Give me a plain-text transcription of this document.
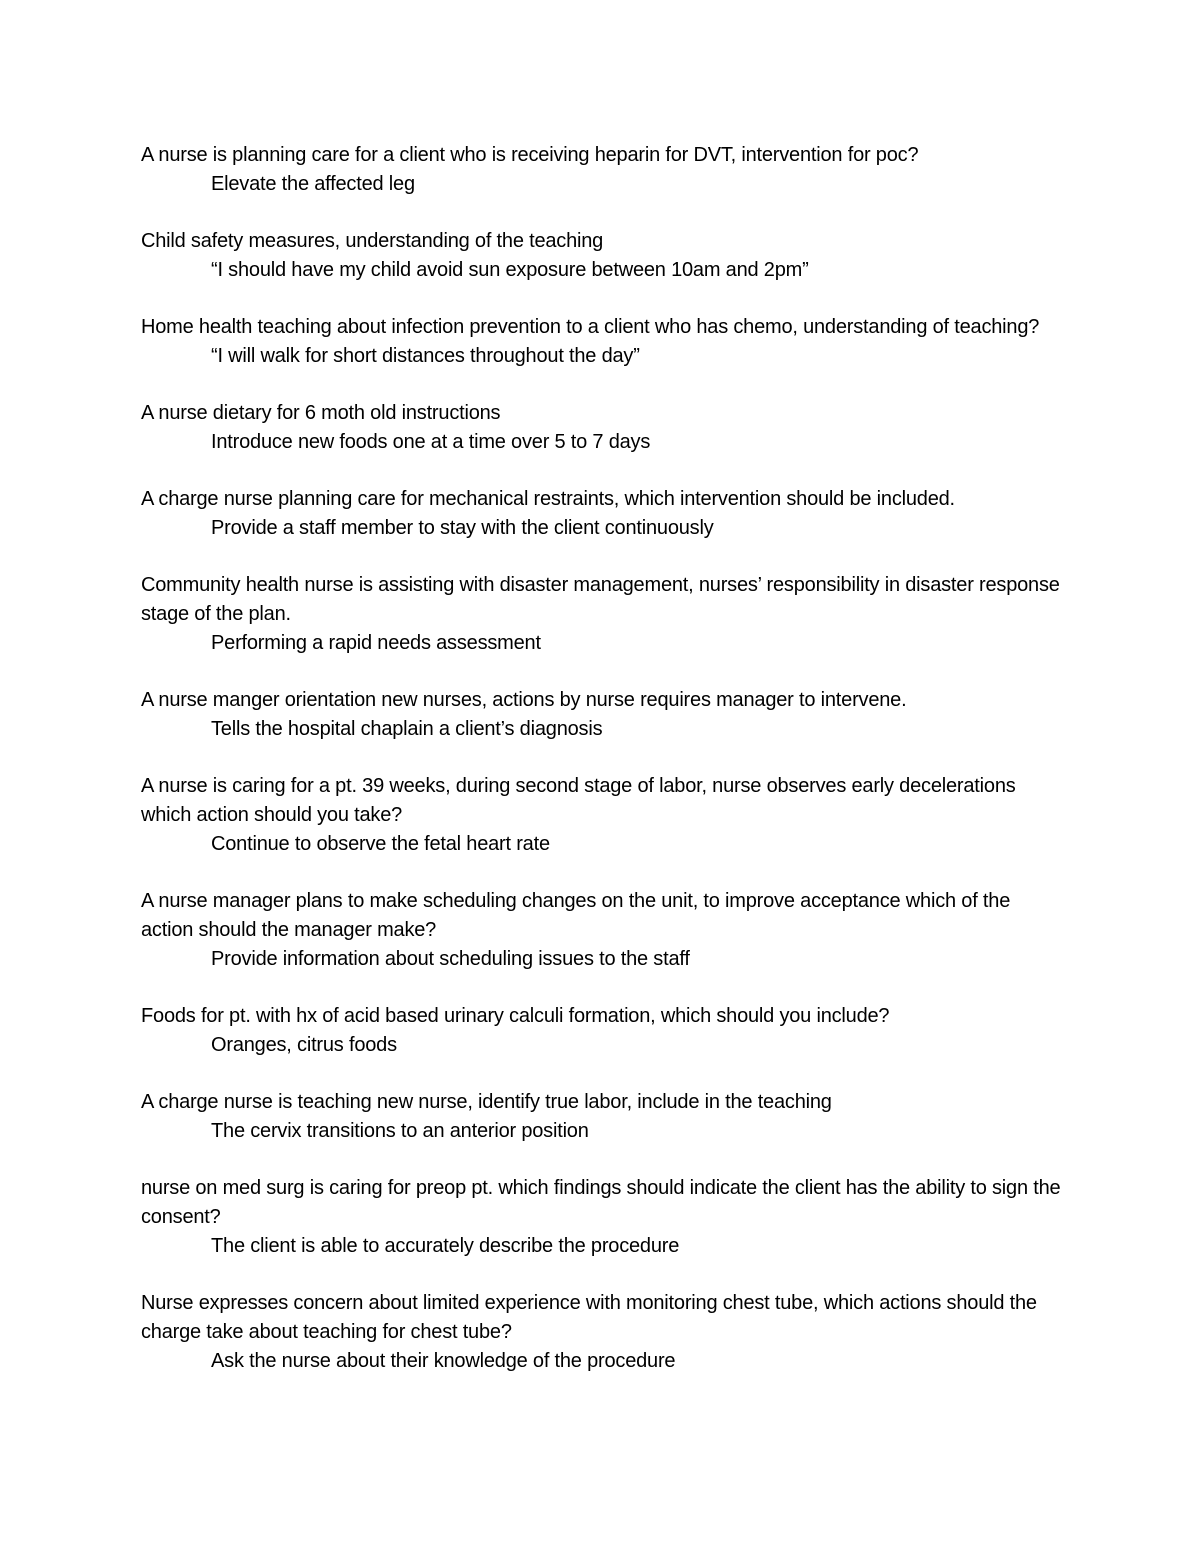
A nurse is planning care for a client who is receiving heparin for DVT, intervention for poc?
Elevate the affected leg
Child safety measures, understanding of the teaching
“I should have my child avoid sun exposure between 10am and 2pm”
Home health teaching about infection prevention to a client who has chemo, understanding of teaching?
“I will walk for short distances throughout the day”
A nurse dietary for 6 moth old instructions
Introduce new foods one at a time over 5 to 7 days
A charge nurse planning care for mechanical restraints, which intervention should be included.
Provide a staff member to stay with the client continuously
Community health nurse is assisting with disaster management, nurses’ responsibility in disaster response stage of the plan.
Performing a rapid needs assessment
A nurse manger orientation new nurses, actions by nurse requires manager to intervene.
Tells the hospital chaplain a client’s diagnosis
A nurse is caring for a pt. 39 weeks, during second stage of labor, nurse observes early decelerations which action should you take?
Continue to observe the fetal heart rate
A nurse manager plans to make scheduling changes on the unit, to improve acceptance which of the action should the manager make?
Provide information about scheduling issues to the staff
Foods for pt. with hx of acid based urinary calculi formation, which should you include?
Oranges, citrus foods
A charge nurse is teaching new nurse, identify true labor, include in the teaching
The cervix transitions to an anterior position
nurse on med surg is caring for preop pt. which findings should indicate the client has the ability to sign the consent?
The client is able to accurately describe the procedure
Nurse expresses concern about limited experience with monitoring chest tube, which actions should the charge take about teaching for chest tube?
Ask the nurse about their knowledge of the procedure
